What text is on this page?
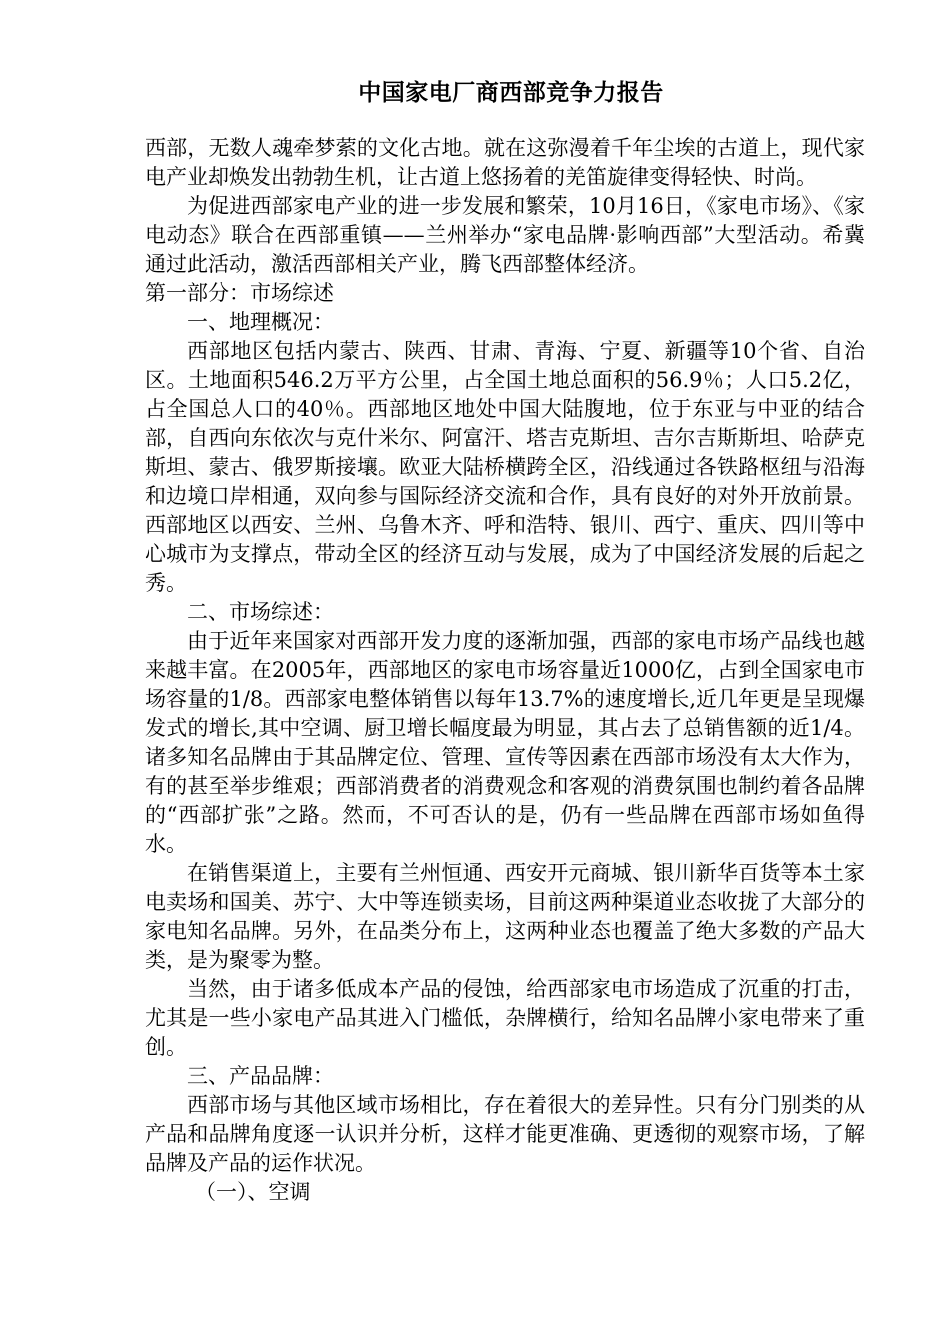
中国家电厂商西部竞争力报告

西部，无数人魂牵梦萦的文化古地。就在这弥漫着千年尘埃的古道上，现代家电产业却焕发出勃勃生机，让古道上悠扬着的羌笛旋律变得轻快、时尚。

为促进西部家电产业的进一步发展和繁荣，10月16日，《家电市场》、《家电动态》联合在西部重镇——兰州举办“家电品牌·影响西部”大型活动。希冀通过此活动，激活西部相关产业，腾飞西部整体经济。

第一部分：市场综述

一、地理概况：

西部地区包括内蒙古、陕西、甘肃、青海、宁夏、新疆等10个省、自治区。土地面积546.2万平方公里，占全国土地总面积的56.9％；人口5.2亿，占全国总人口的40％。西部地区地处中国大陆腹地，位于东亚与中亚的结合部，自西向东依次与克什米尔、阿富汗、塔吉克斯坦、吉尔吉斯斯坦、哈萨克斯坦、蒙古、俄罗斯接壤。欧亚大陆桥横跨全区，沿线通过各铁路枢纽与沿海和边境口岸相通，双向参与国际经济交流和合作，具有良好的对外开放前景。西部地区以西安、兰州、乌鲁木齐、呼和浩特、银川、西宁、重庆、四川等中心城市为支撑点，带动全区的经济互动与发展，成为了中国经济发展的后起之秀。

二、市场综述：

由于近年来国家对西部开发力度的逐渐加强，西部的家电市场产品线也越来越丰富。在2005年，西部地区的家电市场容量近1000亿，占到全国家电市场容量的1/8。西部家电整体销售以每年13.7%的速度增长,近几年更是呈现爆发式的增长,其中空调、厨卫增长幅度最为明显，其占去了总销售额的近1/4。诸多知名品牌由于其品牌定位、管理、宣传等因素在西部市场没有太大作为，有的甚至举步维艰；西部消费者的消费观念和客观的消费氛围也制约着各品牌的“西部扩张”之路。然而，不可否认的是，仍有一些品牌在西部市场如鱼得水。

在销售渠道上，主要有兰州恒通、西安开元商城、银川新华百货等本土家电卖场和国美、苏宁、大中等连锁卖场，目前这两种渠道业态收拢了大部分的家电知名品牌。另外，在品类分布上，这两种业态也覆盖了绝大多数的产品大类，是为聚零为整。

当然，由于诸多低成本产品的侵蚀，给西部家电市场造成了沉重的打击，尤其是一些小家电产品其进入门槛低，杂牌横行，给知名品牌小家电带来了重创。

三、产品品牌：

西部市场与其他区域市场相比，存在着很大的差异性。只有分门别类的从产品和品牌角度逐一认识并分析，这样才能更准确、更透彻的观察市场，了解品牌及产品的运作状况。

（一）、空调
